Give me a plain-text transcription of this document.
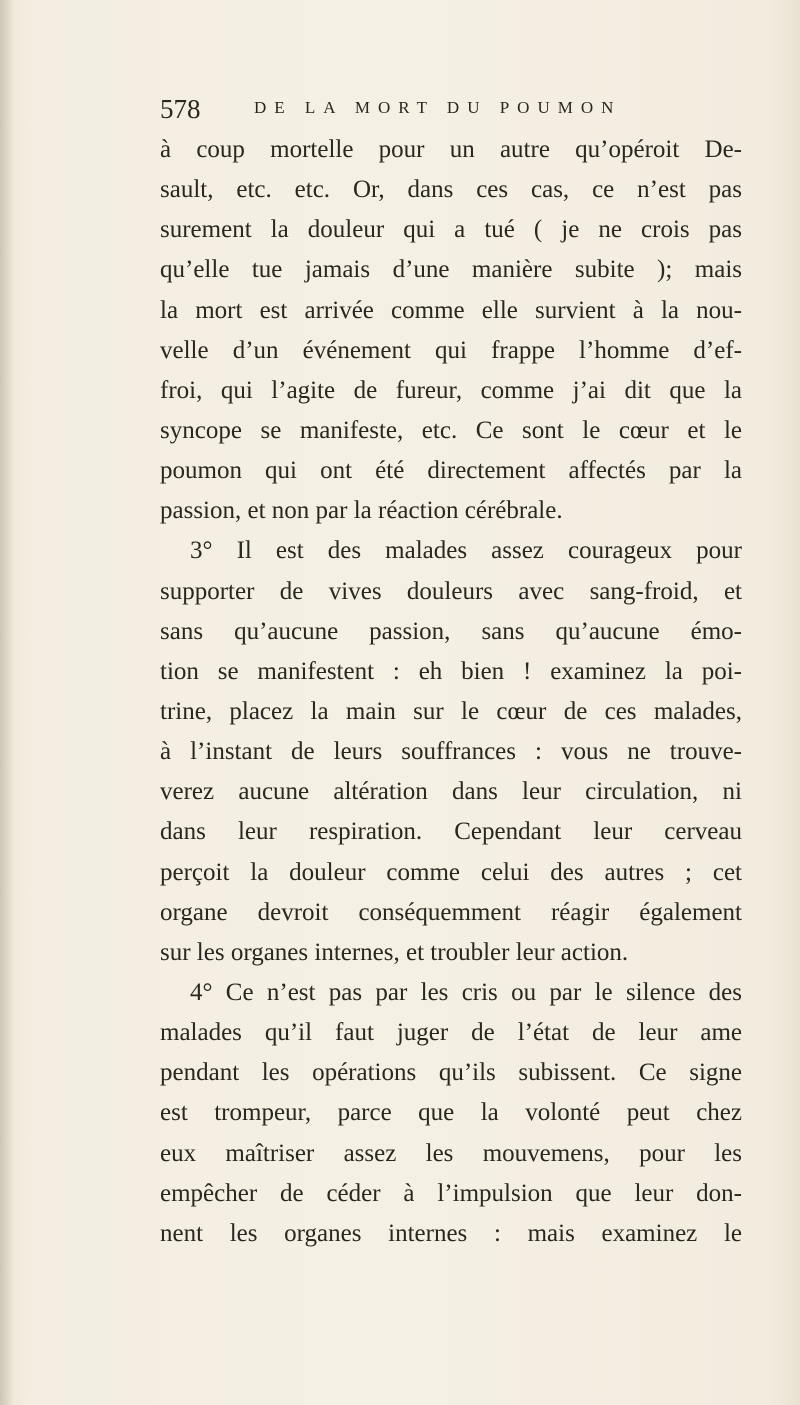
578	DE LA MORT DU POUMON
à coup mortelle pour un autre qu’opéroit De-
sault, etc. etc. Or, dans ces cas, ce n’est pas
surement la douleur qui a tué ( je ne crois pas
qu’elle tue jamais d’une manière subite ); mais
la mort est arrivée comme elle survient à la nou-
velle d’un événement qui frappe l’homme d’ef-
froi, qui l’agite de fureur, comme j’ai dit que la
syncope se manifeste, etc. Ce sont le cœur et le
poumon qui ont été directement affectés par la
passion, et non par la réaction cérébrale.
3° Il est des malades assez courageux pour
supporter de vives douleurs avec sang-froid, et
sans qu’aucune passion, sans qu’aucune émo-
tion se manifestent : eh bien ! examinez la poi-
trine, placez la main sur le cœur de ces malades,
à l’instant de leurs souffrances : vous ne trouve-
verez aucune altération dans leur circulation, ni
dans leur respiration. Cependant leur cerveau
perçoit la douleur comme celui des autres ; cet
organe devroit conséquemment réagir également
sur les organes internes, et troubler leur action.
4° Ce n’est pas par les cris ou par le silence des
malades qu’il faut juger de l’état de leur ame
pendant les opérations qu’ils subissent. Ce signe
est trompeur, parce que la volonté peut chez
eux maîtriser assez les mouvemens, pour les
empêcher de céder à l’impulsion que leur don-
nent les organes internes : mais examinez le
